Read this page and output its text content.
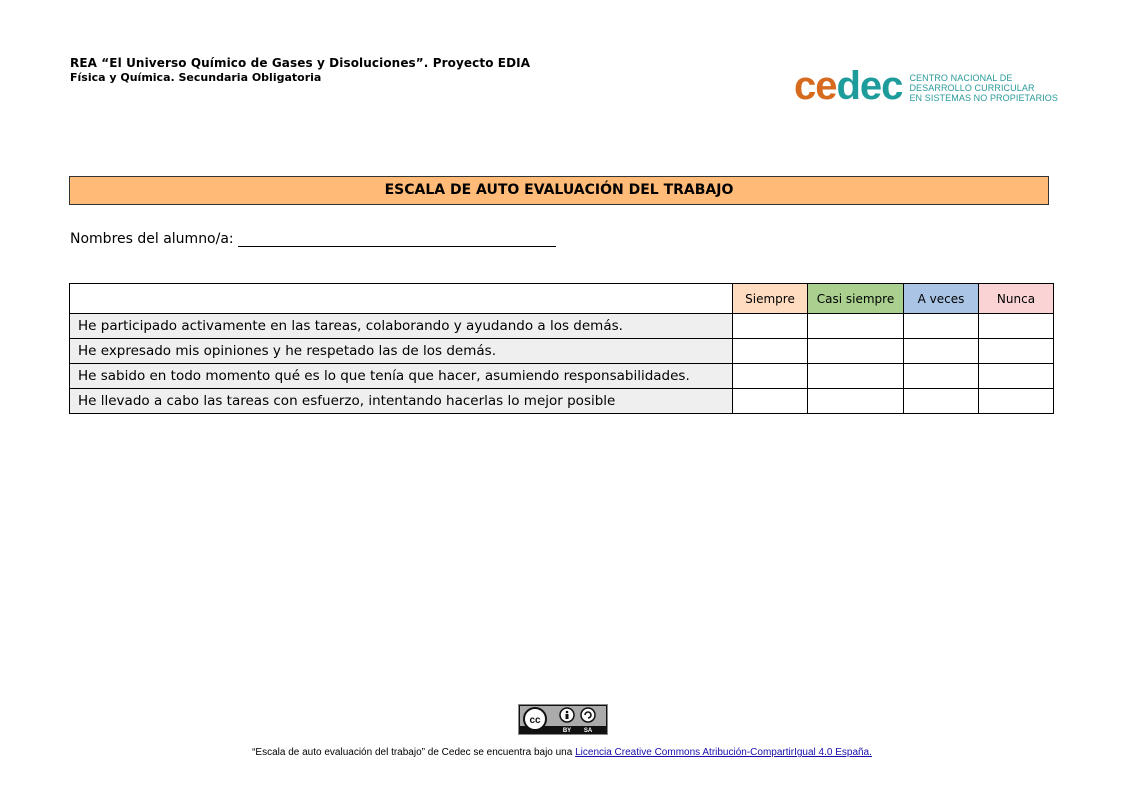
REA “El Universo Químico de Gases y Disoluciones”. Proyecto EDIA
Física y Química. Secundaria Obligatoria	cedec CENTRO NACIONAL DE
DESARROLLO CURRICULAR
EN SISTEMAS NO PROPIETARIOS
ESCALA DE AUTO EVALUACIÓN DEL TRABAJO
Nombres del alumno/a:
	Siempre	Casi siempre	A veces	Nunca
He participado activamente en las tareas, colaborando y ayudando a los demás.				
He expresado mis opiniones y he respetado las de los demás.				
He sabido en todo momento qué es lo que tenía que hacer, asumiendo responsabilidades.				
He llevado a cabo las tareas con esfuerzo, intentando hacerlas lo mejor posible				
cc
BY SA
“Escala de auto evaluación del trabajo” de Cedec se encuentra bajo una Licencia Creative Commons Atribución-CompartirIgual 4.0 España.
